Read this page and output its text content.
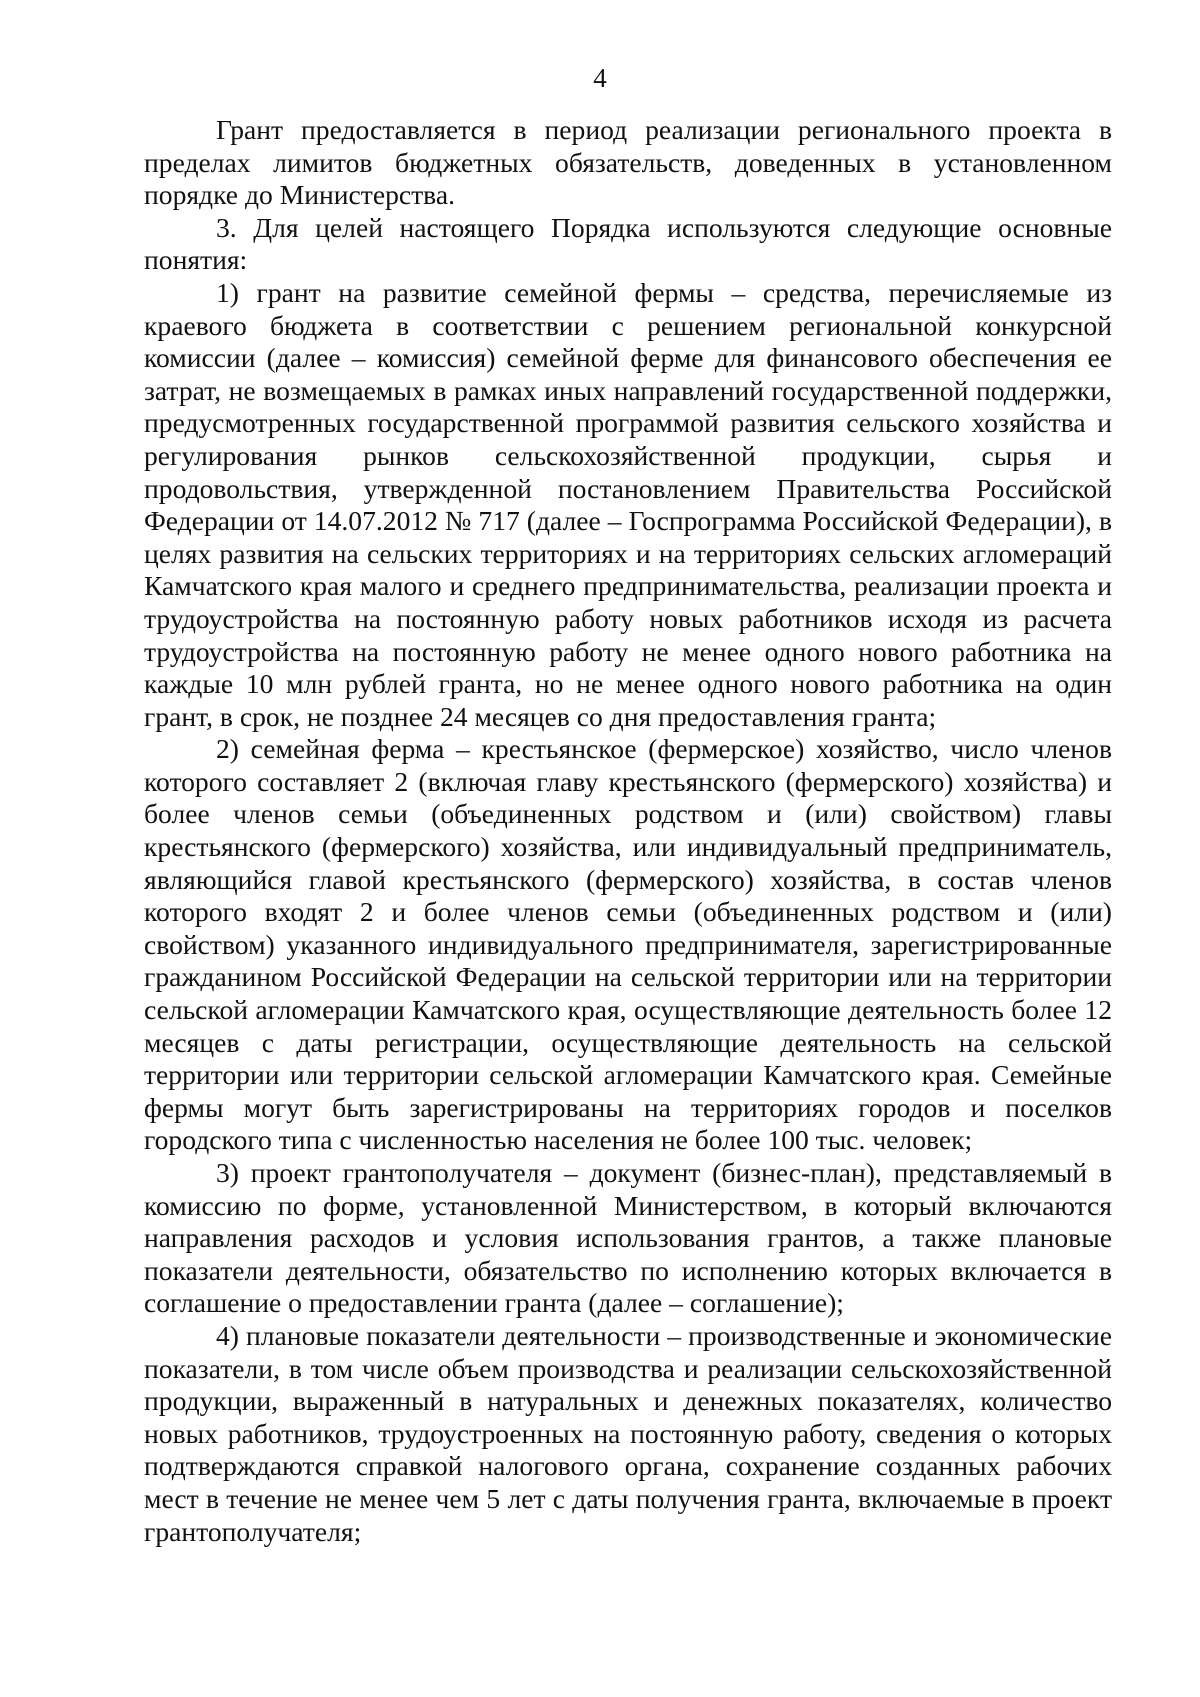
4

Грант предоставляется в период реализации регионального проекта в пределах лимитов бюджетных обязательств, доведенных в установленном порядке до Министерства.

3. Для целей настоящего Порядка используются следующие основные понятия:

1) грант на развитие семейной фермы – средства, перечисляемые из краевого бюджета в соответствии с решением региональной конкурсной комиссии (далее – комиссия) семейной ферме для финансового обеспечения ее затрат, не возмещаемых в рамках иных направлений государственной поддержки, предусмотренных государственной программой развития сельского хозяйства и регулирования рынков сельскохозяйственной продукции, сырья и продовольствия, утвержденной постановлением Правительства Российской Федерации от 14.07.2012 № 717 (далее – Госпрограмма Российской Федерации), в целях развития на сельских территориях и на территориях сельских агломераций Камчатского края малого и среднего предпринимательства, реализации проекта и трудоустройства на постоянную работу новых работников исходя из расчета трудоустройства на постоянную работу не менее одного нового работника на каждые 10 млн рублей гранта, но не менее одного нового работника на один грант, в срок, не позднее 24 месяцев со дня предоставления гранта;

2) семейная ферма – крестьянское (фермерское) хозяйство, число членов которого составляет 2 (включая главу крестьянского (фермерского) хозяйства) и более членов семьи (объединенных родством и (или) свойством) главы крестьянского (фермерского) хозяйства, или индивидуальный предприниматель, являющийся главой крестьянского (фермерского) хозяйства, в состав членов которого входят 2 и более членов семьи (объединенных родством и (или) свойством) указанного индивидуального предпринимателя, зарегистрированные гражданином Российской Федерации на сельской территории или на территории сельской агломерации Камчатского края, осуществляющие деятельность более 12 месяцев с даты регистрации, осуществляющие деятельность на сельской территории или территории сельской агломерации Камчатского края. Семейные фермы могут быть зарегистрированы на территориях городов и поселков городского типа с численностью населения не более 100 тыс. человек;

3) проект грантополучателя – документ (бизнес-план), представляемый в комиссию по форме, установленной Министерством, в который включаются направления расходов и условия использования грантов, а также плановые показатели деятельности, обязательство по исполнению которых включается в соглашение о предоставлении гранта (далее – соглашение);

4) плановые показатели деятельности – производственные и экономические показатели, в том числе объем производства и реализации сельскохозяйственной продукции, выраженный в натуральных и денежных показателях, количество новых работников, трудоустроенных на постоянную работу, сведения о которых подтверждаются справкой налогового органа, сохранение созданных рабочих мест в течение не менее чем 5 лет с даты получения гранта, включаемые в проект грантополучателя;
